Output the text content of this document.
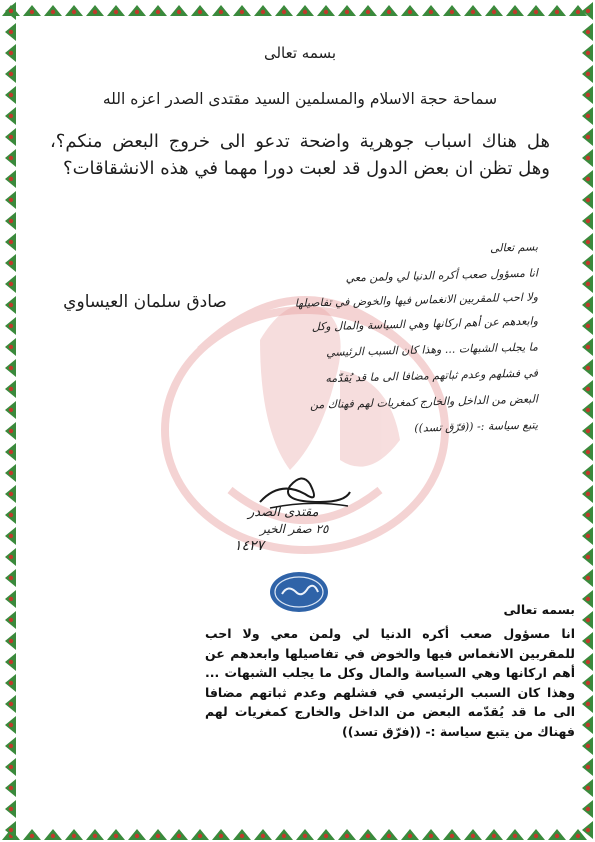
بسمه تعالى
سماحة حجة الاسلام والمسلمين السيد مقتدى الصدر اعزه الله
هل هناك اسباب جوهرية واضحة تدعو الى خروج البعض منكم؟، وهل تظن ان بعض الدول قد لعبت دورا مهما في هذه الانشقاقات؟
صادق سلمان العيساوي
بسم تعالى
انا مسؤول صعب أكره الدنيا لي ولمن معي
ولا احب للمقربين الانغماس فيها والخوض في تفاصيلها
وابعدهم عن أهم اركانها وهي السياسة والمال وكل
ما يجلب الشبهات ... وهذا كان السبب الرئيسي
في فشلهم وعدم ثباتهم مضافا الى ما قد يُقدّمه
البعض من الداخل والخارج كمغريات لهم فهناك من
يتبع سياسة :- ((فرّق تسد))
مقتدى الصدر
٢٥ صفر الخير
١٤٢٧
بسمه تعالى
انا مسؤول صعب أكره الدنيا لي ولمن معي ولا احب للمقربين الانغماس فيها والخوض في تفاصيلها وابعدهم عن أهم اركانها وهي السياسة والمال وكل ما يجلب الشبهات ... وهذا كان السبب الرئيسي في فشلهم وعدم ثباتهم مضافا الى ما قد يُقدّمه البعض من الداخل والخارج كمغريات لهم فهناك من يتبع سياسة :- ((فرّق تسد))
